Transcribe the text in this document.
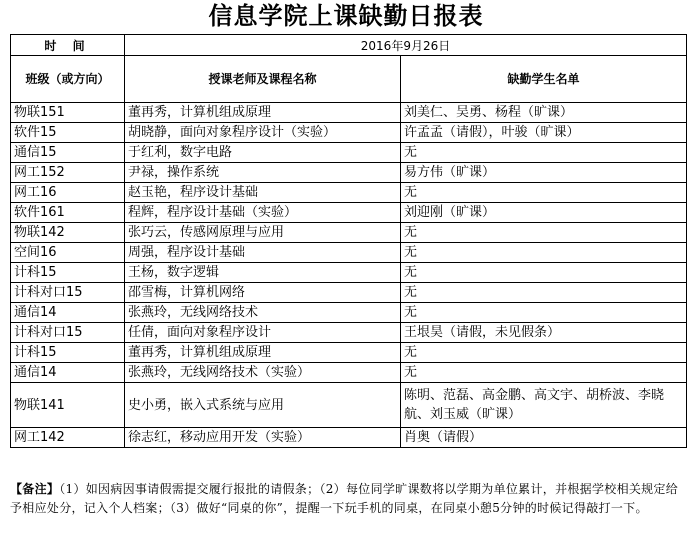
信息学院上课缺勤日报表
时 间	2016年9月26日	
班级（或方向）	授课老师及课程名称	缺勤学生名单
物联151	董再秀，计算机组成原理	刘美仁、吴勇、杨程（旷课）
软件15	胡晓静，面向对象程序设计（实验）	许孟孟（请假），叶骏（旷课）
通信15	于红利，数字电路	无
网工152	尹禄，操作系统	易方伟（旷课）
网工16	赵玉艳，程序设计基础	无
软件161	程辉，程序设计基础（实验）	刘迎刚（旷课）
物联142	张巧云，传感网原理与应用	无
空间16	周强，程序设计基础	无
计科15	王杨，数字逻辑	无
计科对口15	邵雪梅，计算机网络	无
通信14	张燕玲，无线网络技术	无
计科对口15	任倩，面向对象程序设计	王垠昊（请假，未见假条）
计科15	董再秀，计算机组成原理	无
通信14	张燕玲，无线网络技术（实验）	无
物联141	史小勇，嵌入式系统与应用	陈明、范磊、高金鹏、高文宇、胡桥波、李晓航、刘玉威（旷课）
网工142	徐志红，移动应用开发（实验）	肖奥（请假）
【备注】（1）如因病因事请假需提交履行报批的请假条；（2）每位同学旷课数将以学期为单位累计，并根据学校相关规定给予相应处分，记入个人档案；（3）做好“同桌的你”，提醒一下玩手机的同桌，在同桌小憩5分钟的时候记得敲打一下。
